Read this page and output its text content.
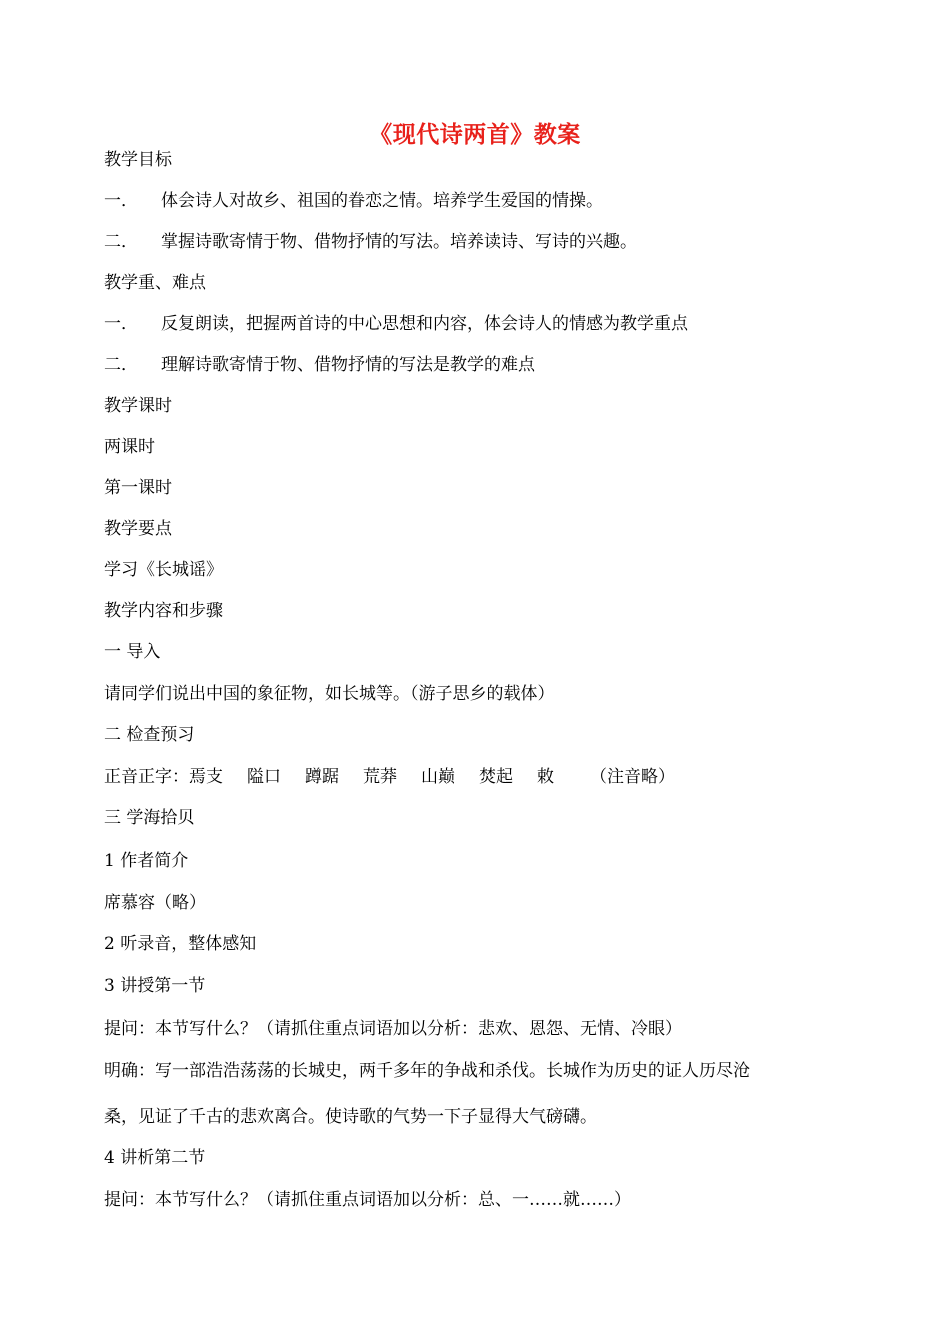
《现代诗两首》教案
教学目标
一． 体会诗人对故乡、祖国的眷恋之情。培养学生爱国的情操。
二． 掌握诗歌寄情于物、借物抒情的写法。培养读诗、写诗的兴趣。
教学重、难点
一． 反复朗读，把握两首诗的中心思想和内容，体会诗人的情感为教学重点
二． 理解诗歌寄情于物、借物抒情的写法是教学的难点
教学课时
两课时
第一课时
教学要点
学习《长城谣》
教学内容和步骤
一 导入
请同学们说出中国的象征物，如长城等。（游子思乡的载体）
二 检查预习
正音正字：焉支 隘口 蹲踞 荒莽 山巅 焚起 敕 （注音略）
三 学海拾贝
1 作者简介
席慕容（略）
2 听录音，整体感知
3 讲授第一节
提问：本节写什么？（请抓住重点词语加以分析：悲欢、恩怨、无情、冷眼）
明确：写一部浩浩荡荡的长城史，两千多年的争战和杀伐。长城作为历史的证人历尽沧
桑，见证了千古的悲欢离合。使诗歌的气势一下子显得大气磅礴。
4 讲析第二节
提问：本节写什么？（请抓住重点词语加以分析：总、一……就……）
